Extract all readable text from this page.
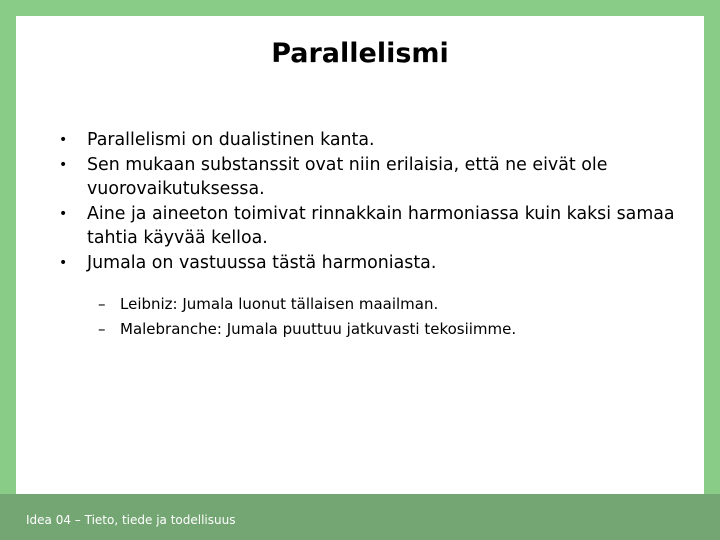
Parallelismi
• Parallelismi on dualistinen kanta.
• Sen mukaan substanssit ovat niin erilaisia, että ne eivät ole vuorovaikutuksessa.
• Aine ja aineeton toimivat rinnakkain harmoniassa kuin kaksi samaa tahtia käyvää kelloa.
• Jumala on vastuussa tästä harmoniasta.
– Leibniz: Jumala luonut tällaisen maailman.
– Malebranche: Jumala puuttuu jatkuvasti tekosiimme.
Idea 04 – Tieto, tiede ja todellisuus
